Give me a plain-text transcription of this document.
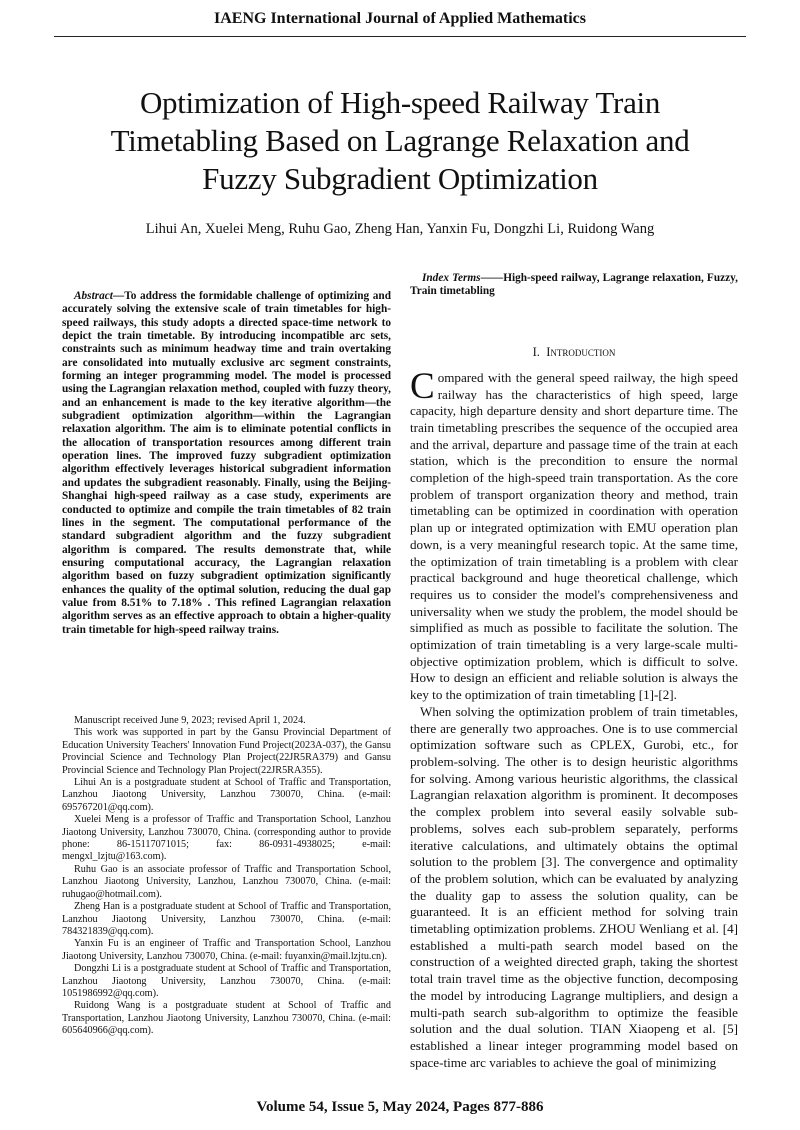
IAENG International Journal of Applied Mathematics
Optimization of High-speed Railway Train
Timetabling Based on Lagrange Relaxation and
Fuzzy Subgradient Optimization
Lihui An, Xuelei Meng, Ruhu Gao, Zheng Han, Yanxin Fu, Dongzhi Li, Ruidong Wang

Abstract—To address the formidable challenge of optimizing and accurately solving the extensive scale of train timetables for high-speed railways, this study adopts a directed space-time network to depict the train timetable. By introducing incompatible arc sets, constraints such as minimum headway time and train overtaking are consolidated into mutually exclusive arc segment constraints, forming an integer programming model. The model is processed using the Lagrangian relaxation method, coupled with fuzzy theory, and an enhancement is made to the key iterative algorithm—the subgradient optimization algorithm—within the Lagrangian relaxation algorithm. The aim is to eliminate potential conflicts in the allocation of transportation resources among different train operation lines. The improved fuzzy subgradient optimization algorithm effectively leverages historical subgradient information and updates the subgradient reasonably. Finally, using the Beijing-Shanghai high-speed railway as a case study, experiments are conducted to optimize and compile the train timetables of 82 train lines in the segment. The computational performance of the standard subgradient algorithm and the fuzzy subgradient algorithm is compared. The results demonstrate that, while ensuring computational accuracy, the Lagrangian relaxation algorithm based on fuzzy subgradient optimization significantly enhances the quality of the optimal solution, reducing the dual gap value from 8.51% to 7.18% . This refined Lagrangian relaxation algorithm serves as an effective approach to obtain a higher-quality train timetable for high-speed railway trains.

Manuscript received June 9, 2023; revised April 1, 2024.

This work was supported in part by the Gansu Provincial Department of Education University Teachers' Innovation Fund Project(2023A-037), the Gansu Provincial Science and Technology Plan Project(22JR5RA379) and Gansu Provincial Science and Technology Plan Project(22JR5RA355).

Lihui An is a postgraduate student at School of Traffic and Transportation, Lanzhou Jiaotong University, Lanzhou 730070, China. (e-mail: 695767201@qq.com).

Xuelei Meng is a professor of Traffic and Transportation School, Lanzhou Jiaotong University, Lanzhou 730070, China. (corresponding author to provide phone: 86-15117071015; fax: 86-0931-4938025; e-mail: mengxl_lzjtu@163.com).

Ruhu Gao is an associate professor of Traffic and Transportation School, Lanzhou Jiaotong University, Lanzhou, Lanzhou 730070, China. (e-mail: ruhugao@hotmail.com).

Zheng Han is a postgraduate student at School of Traffic and Transportation, Lanzhou Jiaotong University, Lanzhou 730070, China. (e-mail: 784321839@qq.com).

Yanxin Fu is an engineer of Traffic and Transportation School, Lanzhou Jiaotong University, Lanzhou 730070, China. (e-mail: fuyanxin@mail.lzjtu.cn).

Dongzhi Li is a postgraduate student at School of Traffic and Transportation, Lanzhou Jiaotong University, Lanzhou 730070, China. (e-mail: 1051986992@qq.com).

Ruidong Wang is a postgraduate student at School of Traffic and Transportation, Lanzhou Jiaotong University, Lanzhou 730070, China. (e-mail: 605640966@qq.com).

Index Terms——High-speed railway, Lagrange relaxation, Fuzzy, Train timetabling

I. Introduction

Compared with the general speed railway, the high speed railway has the characteristics of high speed, large capacity, high departure density and short departure time. The train timetabling prescribes the sequence of the occupied area and the arrival, departure and passage time of the train at each station, which is the precondition to ensure the normal completion of the high-speed train transportation. As the core problem of transport organization theory and method, train timetabling can be optimized in coordination with operation plan up or integrated optimization with EMU operation plan down, is a very meaningful research topic. At the same time, the optimization of train timetabling is a problem with clear practical background and huge theoretical challenge, which requires us to consider the model's comprehensiveness and universality when we study the problem, the model should be simplified as much as possible to facilitate the solution. The optimization of train timetabling is a very large-scale multi-objective optimization problem, which is difficult to solve. How to design an efficient and reliable solution is always the key to the optimization of train timetabling [1]-[2].

When solving the optimization problem of train timetables, there are generally two approaches. One is to use commercial optimization software such as CPLEX, Gurobi, etc., for problem-solving. The other is to design heuristic algorithms for solving. Among various heuristic algorithms, the classical Lagrangian relaxation algorithm is prominent. It decomposes the complex problem into several easily solvable sub-problems, solves each sub-problem separately, performs iterative calculations, and ultimately obtains the optimal solution to the problem [3]. The convergence and optimality of the problem solution, which can be evaluated by analyzing the duality gap to assess the solution quality, can be guaranteed. It is an efficient method for solving train timetabling optimization problems. ZHOU Wenliang et al. [4] established a multi-path search model based on the construction of a weighted directed graph, taking the shortest total train travel time as the objective function, decomposing the model by introducing Lagrange multipliers, and design a multi-path search sub-algorithm to optimize the feasible solution and the dual solution. TIAN Xiaopeng et al. [5] established a linear integer programming model based on space-time arc variables to achieve the goal of minimizing

Volume 54, Issue 5, May 2024, Pages 877-886
